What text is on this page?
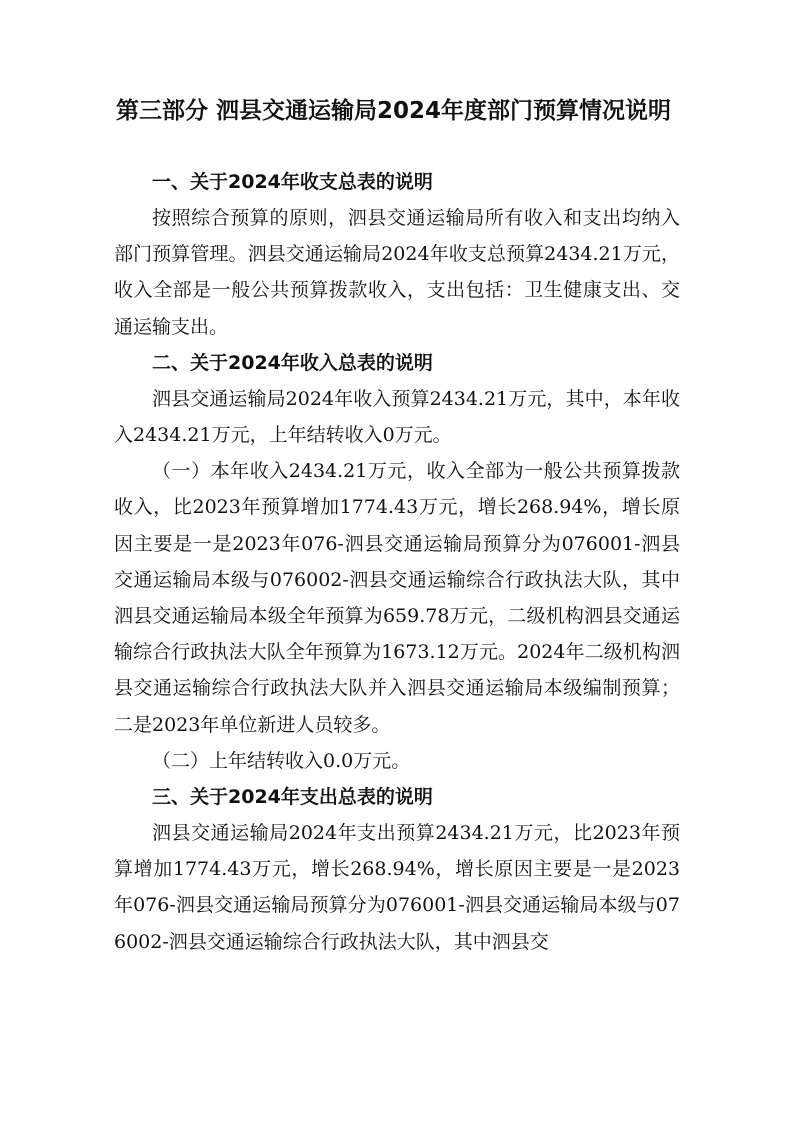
第三部分 泗县交通运输局2024年度部门预算情况说明

一、关于2024年收支总表的说明

按照综合预算的原则，泗县交通运输局所有收入和支出均纳入部门预算管理。泗县交通运输局2024年收支总预算2434.21万元，收入全部是一般公共预算拨款收入，支出包括：卫生健康支出、交通运输支出。

二、关于2024年收入总表的说明

泗县交通运输局2024年收入预算2434.21万元，其中，本年收入2434.21万元，上年结转收入0万元。

（一）本年收入2434.21万元，收入全部为一般公共预算拨款收入，比2023年预算增加1774.43万元，增长268.94%，增长原因主要是一是2023年076-泗县交通运输局预算分为076001-泗县交通运输局本级与076002-泗县交通运输综合行政执法大队，其中泗县交通运输局本级全年预算为659.78万元，二级机构泗县交通运输综合行政执法大队全年预算为1673.12万元。2024年二级机构泗县交通运输综合行政执法大队并入泗县交通运输局本级编制预算；二是2023年单位新进人员较多。

（二）上年结转收入0.0万元。

三、关于2024年支出总表的说明

泗县交通运输局2024年支出预算2434.21万元，比2023年预算增加1774.43万元，增长268.94%，增长原因主要是一是2023年076-泗县交通运输局预算分为076001-泗县交通运输局本级与076002-泗县交通运输综合行政执法大队，其中泗县交
